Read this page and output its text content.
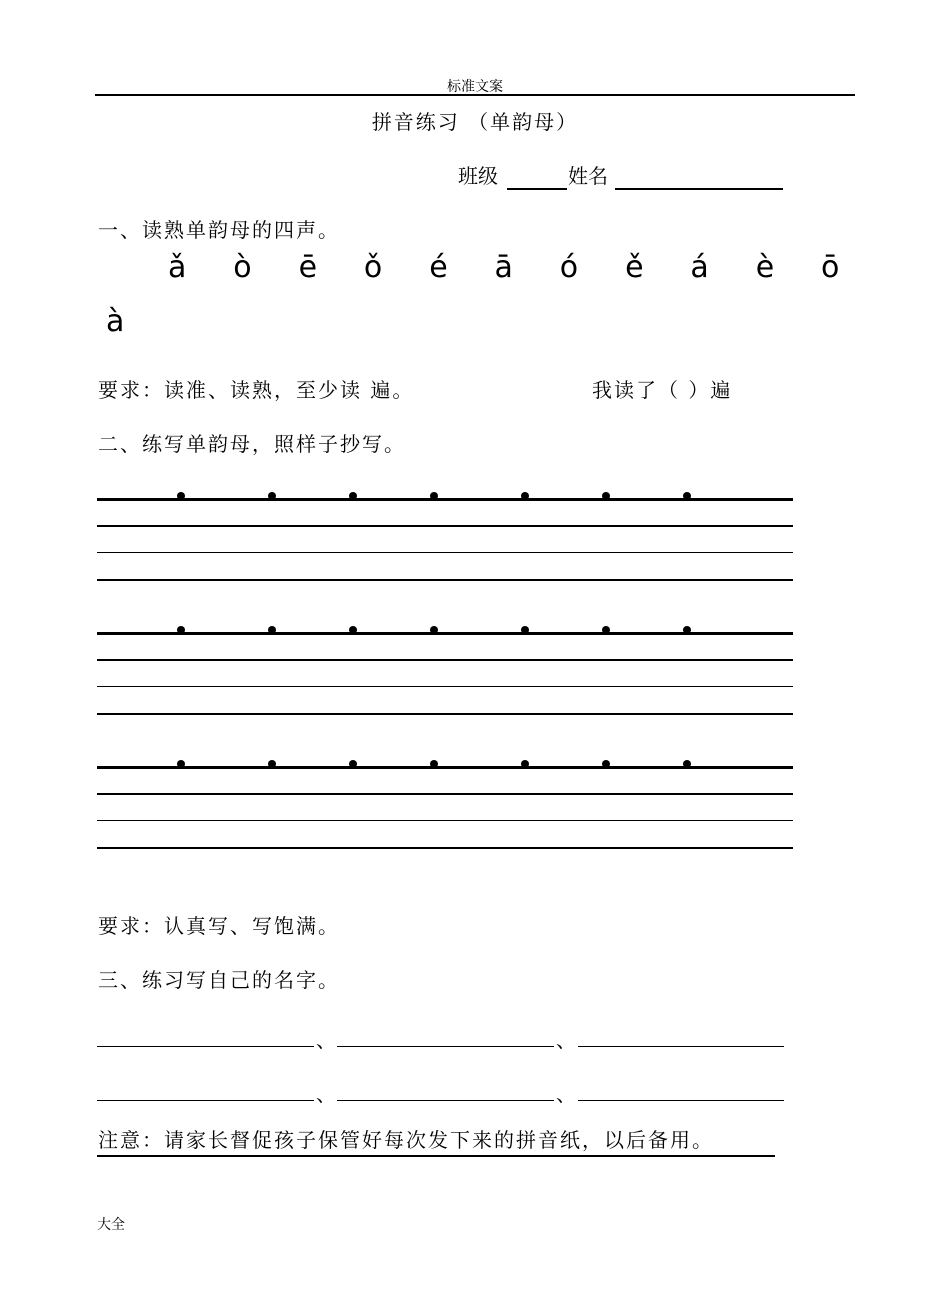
标准文案
拼音练习 （单韵母）
班级	姓名
一、读熟单韵母的四声。
ǎ ò ē ǒ é ā ó ě á è ō
à
要求：读准、读熟，至少读 遍。	我读了（ ）遍
二、练写单韵母，照样子抄写。
要求：认真写、写饱满。
三、练习写自己的名字。
、	、
、	、
注意：请家长督促孩子保管好每次发下来的拼音纸，以后备用。
大全
